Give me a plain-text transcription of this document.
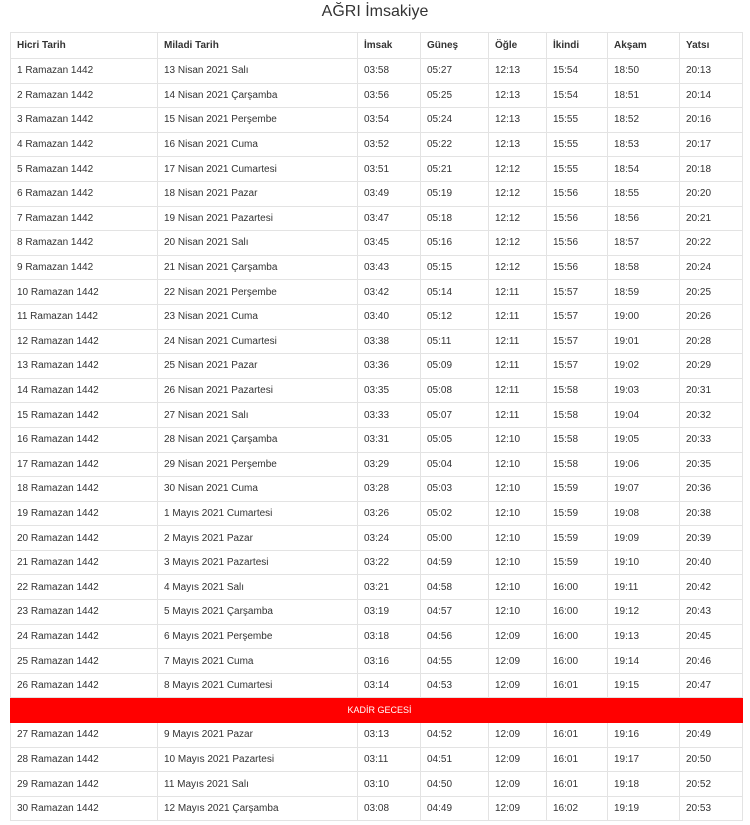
AĞRI İmsakiye
Hicri Tarih	Miladi Tarih	İmsak	Güneş	Öğle	İkindi	Akşam	Yatsı
1 Ramazan 1442	13 Nisan 2021 Salı	03:58	05:27	12:13	15:54	18:50	20:13
2 Ramazan 1442	14 Nisan 2021 Çarşamba	03:56	05:25	12:13	15:54	18:51	20:14
3 Ramazan 1442	15 Nisan 2021 Perşembe	03:54	05:24	12:13	15:55	18:52	20:16
4 Ramazan 1442	16 Nisan 2021 Cuma	03:52	05:22	12:13	15:55	18:53	20:17
5 Ramazan 1442	17 Nisan 2021 Cumartesi	03:51	05:21	12:12	15:55	18:54	20:18
6 Ramazan 1442	18 Nisan 2021 Pazar	03:49	05:19	12:12	15:56	18:55	20:20
7 Ramazan 1442	19 Nisan 2021 Pazartesi	03:47	05:18	12:12	15:56	18:56	20:21
8 Ramazan 1442	20 Nisan 2021 Salı	03:45	05:16	12:12	15:56	18:57	20:22
9 Ramazan 1442	21 Nisan 2021 Çarşamba	03:43	05:15	12:12	15:56	18:58	20:24
10 Ramazan 1442	22 Nisan 2021 Perşembe	03:42	05:14	12:11	15:57	18:59	20:25
11 Ramazan 1442	23 Nisan 2021 Cuma	03:40	05:12	12:11	15:57	19:00	20:26
12 Ramazan 1442	24 Nisan 2021 Cumartesi	03:38	05:11	12:11	15:57	19:01	20:28
13 Ramazan 1442	25 Nisan 2021 Pazar	03:36	05:09	12:11	15:57	19:02	20:29
14 Ramazan 1442	26 Nisan 2021 Pazartesi	03:35	05:08	12:11	15:58	19:03	20:31
15 Ramazan 1442	27 Nisan 2021 Salı	03:33	05:07	12:11	15:58	19:04	20:32
16 Ramazan 1442	28 Nisan 2021 Çarşamba	03:31	05:05	12:10	15:58	19:05	20:33
17 Ramazan 1442	29 Nisan 2021 Perşembe	03:29	05:04	12:10	15:58	19:06	20:35
18 Ramazan 1442	30 Nisan 2021 Cuma	03:28	05:03	12:10	15:59	19:07	20:36
19 Ramazan 1442	1 Mayıs 2021 Cumartesi	03:26	05:02	12:10	15:59	19:08	20:38
20 Ramazan 1442	2 Mayıs 2021 Pazar	03:24	05:00	12:10	15:59	19:09	20:39
21 Ramazan 1442	3 Mayıs 2021 Pazartesi	03:22	04:59	12:10	15:59	19:10	20:40
22 Ramazan 1442	4 Mayıs 2021 Salı	03:21	04:58	12:10	16:00	19:11	20:42
23 Ramazan 1442	5 Mayıs 2021 Çarşamba	03:19	04:57	12:10	16:00	19:12	20:43
24 Ramazan 1442	6 Mayıs 2021 Perşembe	03:18	04:56	12:09	16:00	19:13	20:45
25 Ramazan 1442	7 Mayıs 2021 Cuma	03:16	04:55	12:09	16:00	19:14	20:46
26 Ramazan 1442	8 Mayıs 2021 Cumartesi	03:14	04:53	12:09	16:01	19:15	20:47
KADİR GECESİ							
27 Ramazan 1442	9 Mayıs 2021 Pazar	03:13	04:52	12:09	16:01	19:16	20:49
28 Ramazan 1442	10 Mayıs 2021 Pazartesi	03:11	04:51	12:09	16:01	19:17	20:50
29 Ramazan 1442	11 Mayıs 2021 Salı	03:10	04:50	12:09	16:01	19:18	20:52
30 Ramazan 1442	12 Mayıs 2021 Çarşamba	03:08	04:49	12:09	16:02	19:19	20:53
